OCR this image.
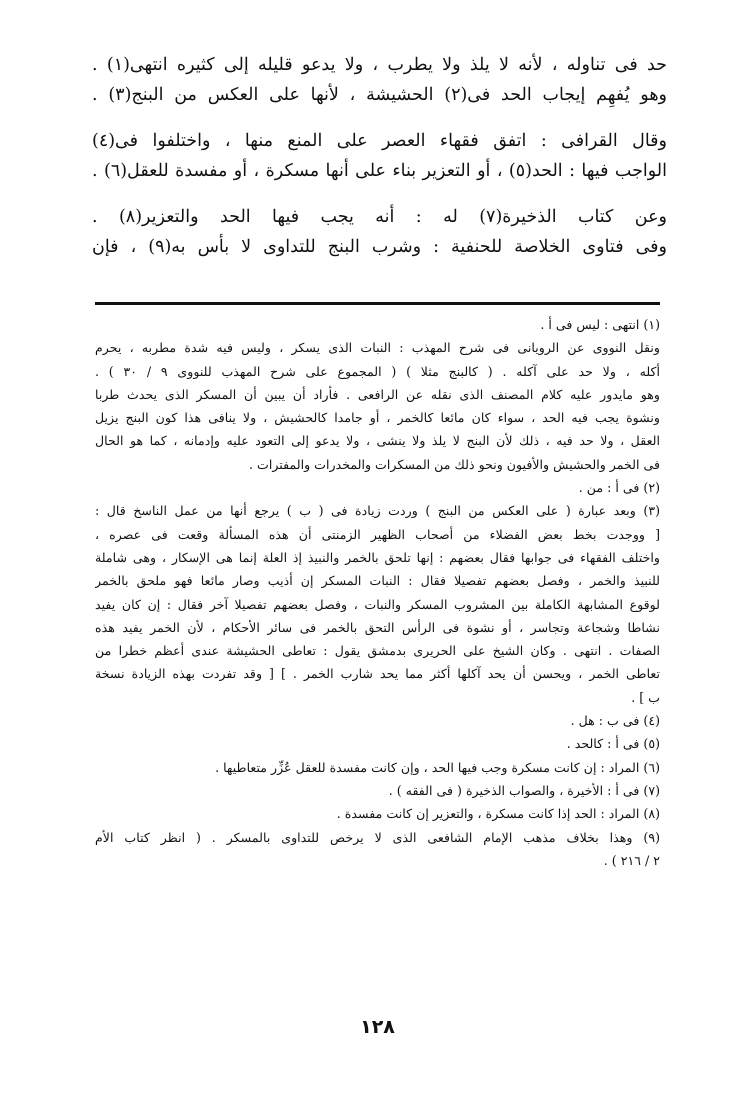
حد فى تناوله ، لأنه لا يلذ ولا يطرب ، ولا يدعو قليله إلى كثيره انتهى(١) .
وهو يُفهِم إيجاب الحد فى(٢) الحشيشة ، لأنها على العكس من البنج(٣) .
وقال القرافى : اتفق فقهاء العصر على المنع منها ، واختلفوا فى(٤)
الواجب فيها : الحد(٥) ، أو التعزير بناء على أنها مسكرة ، أو مفسدة للعقل(٦) .
وعن كتاب الذخيرة(٧) له : أنه يجب فيها الحد والتعزير(٨) .
وفى فتاوى الخلاصة للحنفية : وشرب البنج للتداوى لا بأس به(٩) ، فإن
(١) انتهى : ليس فى أ .
ونقل النووى عن الرويانى فى شرح المهذب : النبات الذى يسكر ، وليس فيه شدة مطربه ، يحرم
أكله ، ولا حد على آكله . ( كالبنج مثلا ) ( المجموع على شرح المهذب للنووى ٩ / ٣٠ ) .
وهو مايدور عليه كلام المصنف الذى نقله عن الرافعى . فأراد أن يبين أن المسكر الذى يحدث طربا
ونشوة يجب فيه الحد ، سواء كان مائعا كالخمر ، أو جامدا كالحشيش ، ولا ينافى هذا كون البنج يزيل
العقل ، ولا حد فيه ، ذلك لأن البنج لا يلذ ولا ينشى ، ولا يدعو إلى التعود عليه وإدمانه ، كما هو الحال
فى الخمر والحشيش والأفيون ونحو ذلك من المسكرات والمخدرات والمفترات .
(٢) فى أ : من .
(٣) وبعد عبارة ( على العكس من البنج ) وردت زيادة فى ( ب ) يرجع أنها من عمل الناسخ قال :
[ ووجدت بخط بعض الفضلاء من أصحاب الظهير الزمنتى أن هذه المسألة وقعت فى عصره ،
واختلف الفقهاء فى جوابها فقال بعضهم : إنها تلحق بالخمر والنبيذ إذ العلة إنما هى الإسكار ، وهى شاملة
للنبيذ والخمر ، وفصل بعضهم تفصيلا فقال : النبات المسكر إن أذيب وصار مائعا فهو ملحق بالخمر
لوقوع المشابهة الكاملة بين المشروب المسكر والنبات ، وفصل بعضهم تفصيلا آخر فقال : إن كان يفيد
نشاطا وشجاعة وتجاسر ، أو نشوة فى الرأس التحق بالخمر فى سائر الأحكام ، لأن الخمر يفيد هذه
الصفات . انتهى . وكان الشيخ على الحريرى بدمشق يقول : تعاطى الحشيشة عندى أعظم خطرا من
تعاطى الخمر ، ويحسن أن يحد آكلها أكثر مما يحد شارب الخمر . ] [ وقد تفردت بهذه الزيادة نسخة
ب ] .
(٤) فى ب : هل .
(٥) فى أ : كالحد .
(٦) المراد : إن كانت مسكرة وجب فيها الحد ، وإن كانت مفسدة للعقل عُزِّر متعاطيها .
(٧) فى أ : الأخيرة ، والصواب الذخيرة ( فى الفقه ) .
(٨) المراد : الحد إذا كانت مسكرة ، والتعزير إن كانت مفسدة .
(٩) وهذا بخلاف مذهب الإمام الشافعى الذى لا يرخص للتداوى بالمسكر . ( انظر كتاب الأم
٢ / ٢١٦ ) .
١٢٨
